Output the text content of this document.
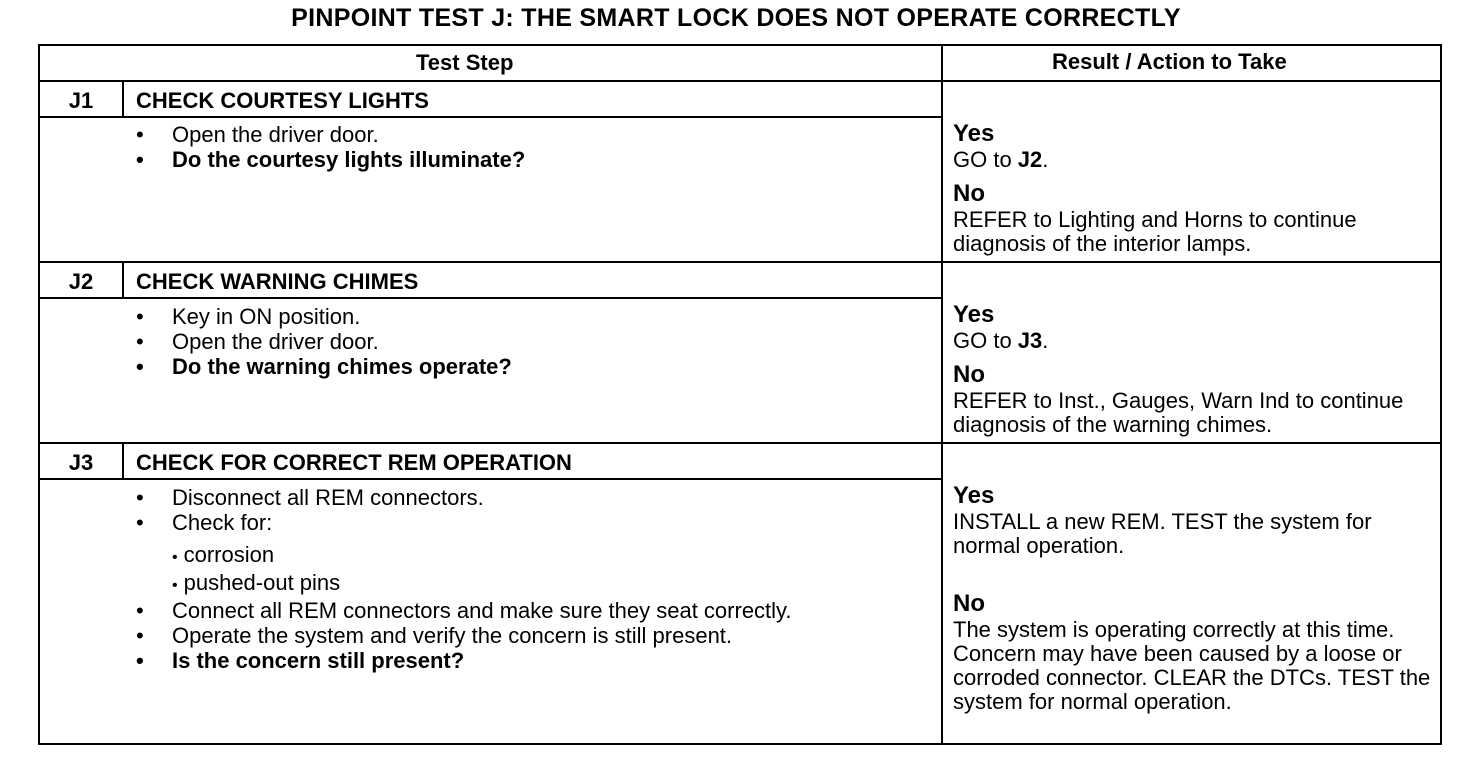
PINPOINT TEST J: THE SMART LOCK DOES NOT OPERATE CORRECTLY
Test Step	Result / Action to Take
J1	CHECK COURTESY LIGHTS
• Open the driver door.
• Do the courtesy lights illuminate?
Yes
GO to J2.
No
REFER to Lighting and Horns to continue diagnosis of the interior lamps.
J2	CHECK WARNING CHIMES
• Key in ON position.
• Open the driver door.
• Do the warning chimes operate?
Yes
GO to J3.
No
REFER to Inst., Gauges, Warn Ind to continue diagnosis of the warning chimes.
J3	CHECK FOR CORRECT REM OPERATION
• Disconnect all REM connectors.
• Check for:
• corrosion
• pushed-out pins
• Connect all REM connectors and make sure they seat correctly.
• Operate the system and verify the concern is still present.
• Is the concern still present?
Yes
INSTALL a new REM. TEST the system for normal operation.
No
The system is operating correctly at this time. Concern may have been caused by a loose or corroded connector. CLEAR the DTCs. TEST the system for normal operation.
